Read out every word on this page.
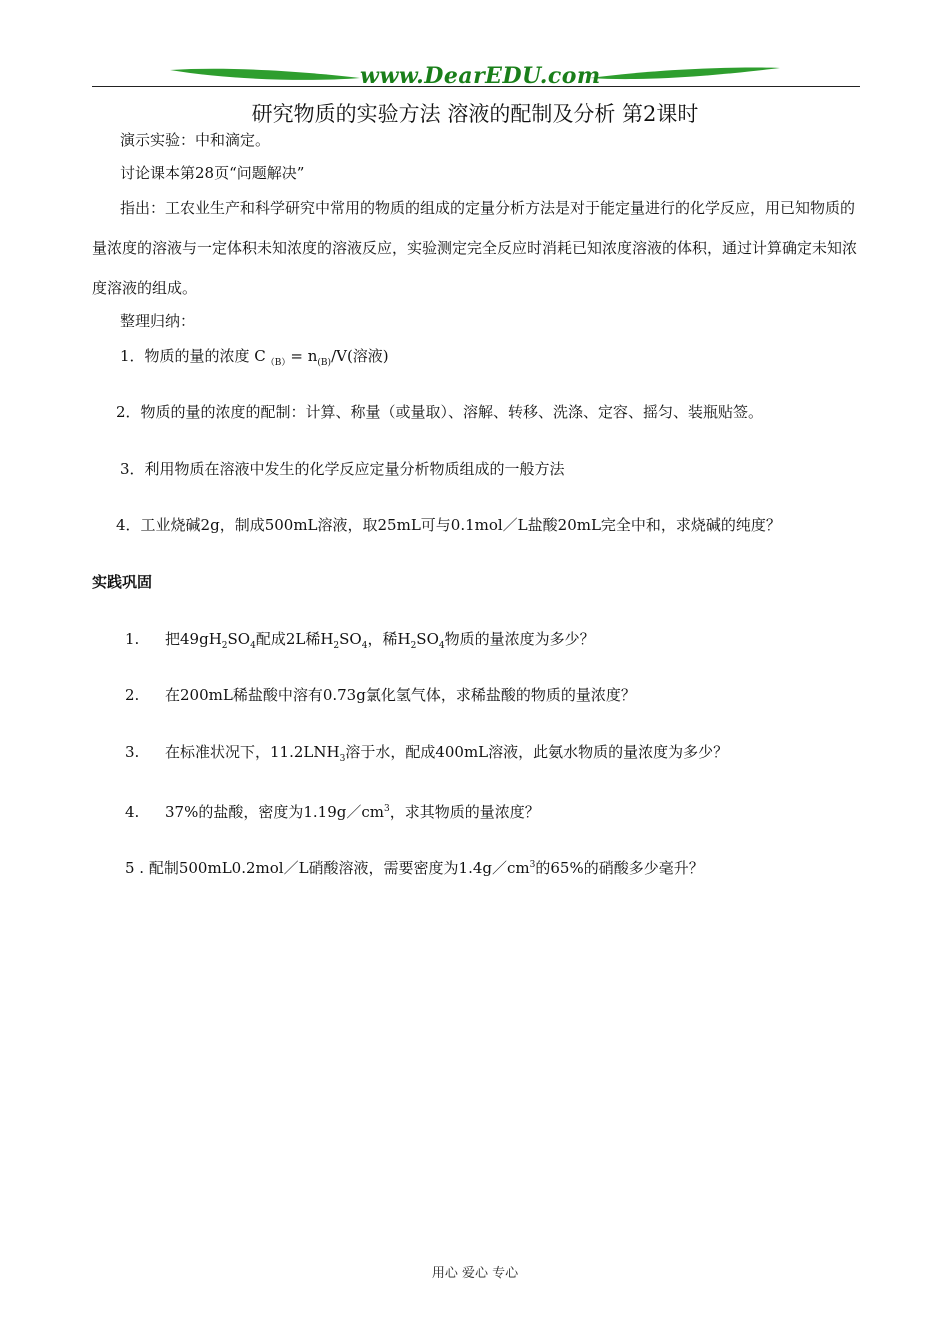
www.DearEDU.com
研究物质的实验方法 溶液的配制及分析 第2课时
演示实验：中和滴定。
讨论课本第28页“问题解决”
指出：工农业生产和科学研究中常用的物质的组成的定量分析方法是对于能定量进行的化学反应，用已知物质的量浓度的溶液与一定体积未知浓度的溶液反应，实验测定完全反应时消耗已知浓度溶液的体积，通过计算确定未知浓度溶液的组成。
整理归纳：
1．物质的量的浓度 $C_{(B)}= n_{(B)}/V$(溶液)
2．物质的量的浓度的配制：计算、称量（或量取）、溶解、转移、洗涤、定容、摇匀、装瓶贴签。
3．利用物质在溶液中发生的化学反应定量分析物质组成的一般方法
4．工业烧碱2g，制成500mL溶液，取25mL可与0.1mol／L盐酸20mL完全中和，求烧碱的纯度？
实践巩固
1. 把$49gH_2SO_4$配成2L稀$H_2SO_4$，稀$H_2SO_4$物质的量浓度为多少？
2. 在200mL稀盐酸中溶有0.73g氯化氢气体，求稀盐酸的物质的量浓度？
3. 在标准状况下，$11.2LNH_3$溶于水，配成400mL溶液，此氨水物质的量浓度为多少？
4. 37%的盐酸，密度为$1.19g/cm^3$，求其物质的量浓度？
5 . 配制500mL0.2mol／L硝酸溶液，需要密度为$1.4g/cm^3$的65%的硝酸多少毫升？
用心 爱心 专心
